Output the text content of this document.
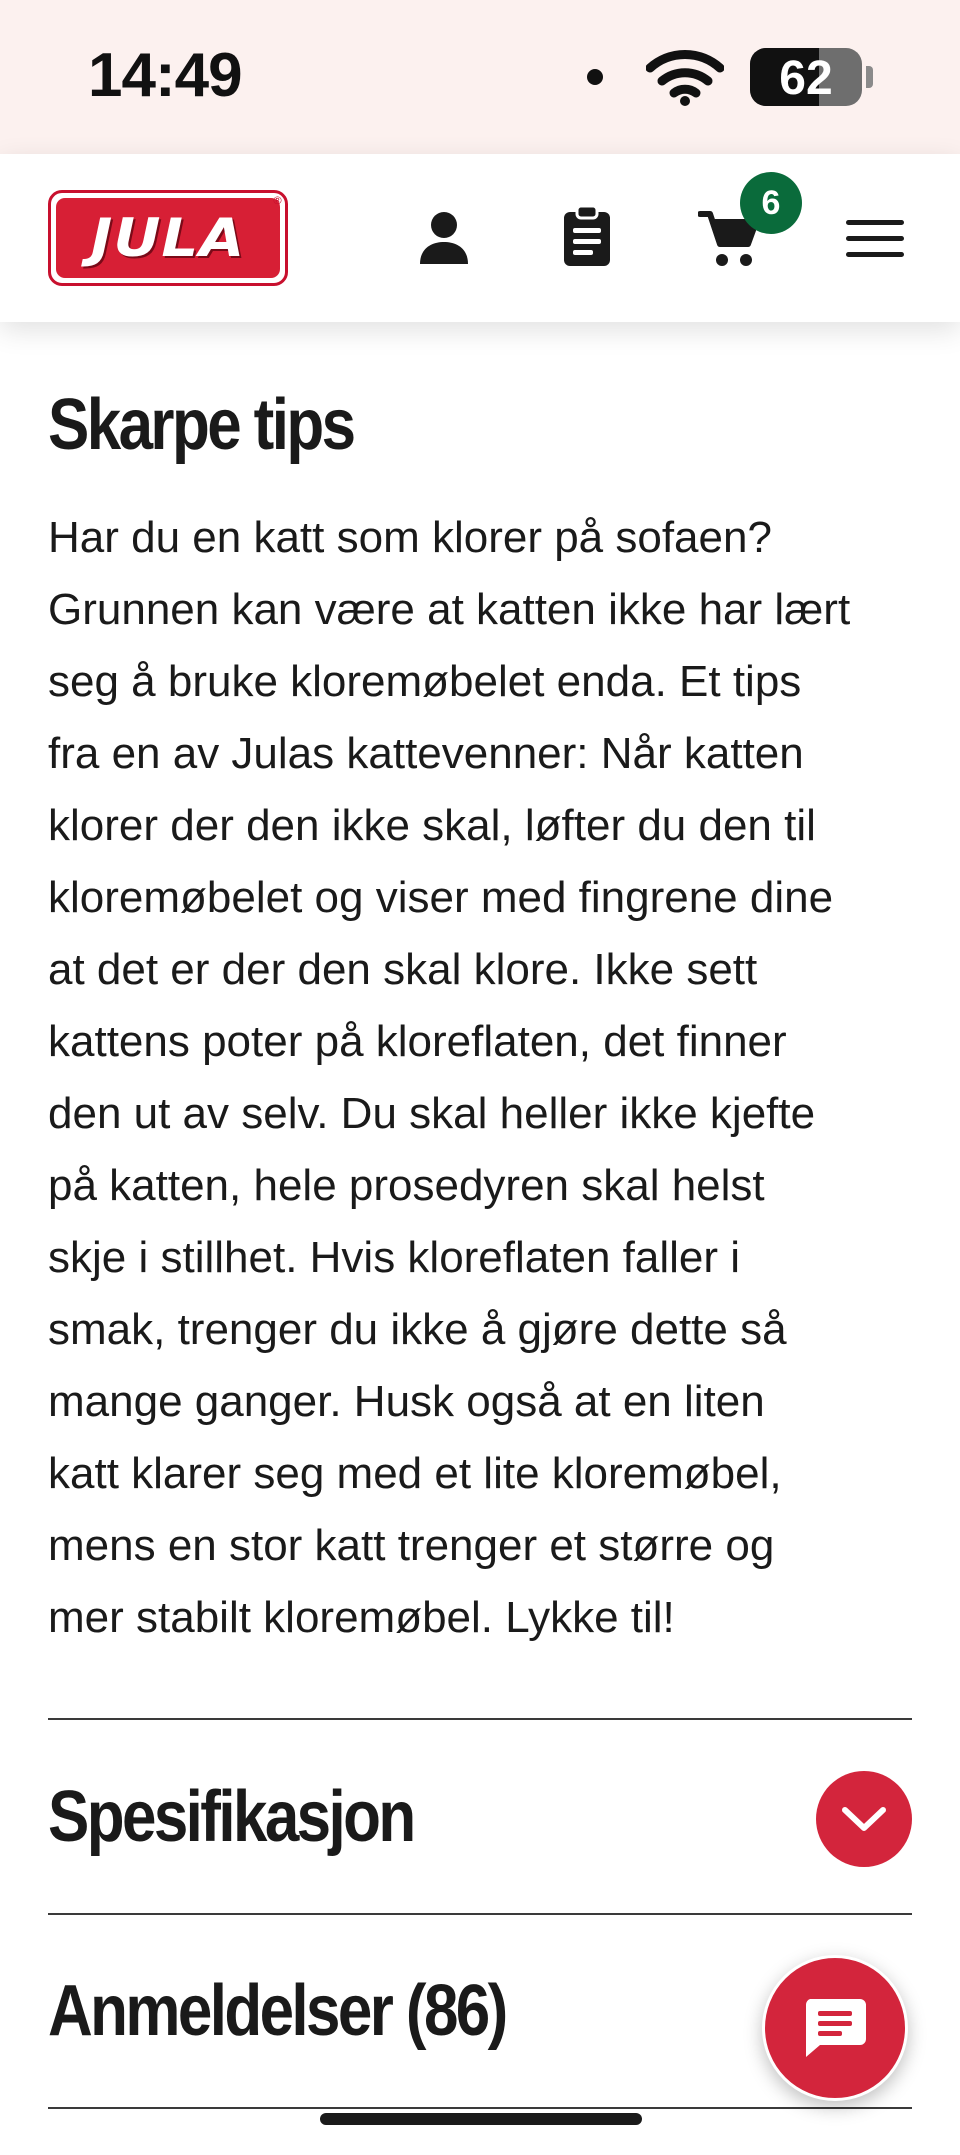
14:49	62
JULA
®	6
Skarpe tips

Har du en katt som klorer på sofaen?
Grunnen kan være at katten ikke har lært
seg å bruke kloremøbelet enda. Et tips
fra en av Julas kattevenner: Når katten
klorer der den ikke skal, løfter du den til
kloremøbelet og viser med fingrene dine
at det er der den skal klore. Ikke sett
kattens poter på kloreflaten, det finner
den ut av selv. Du skal heller ikke kjefte
på katten, hele prosedyren skal helst
skje i stillhet. Hvis kloreflaten faller i
smak, trenger du ikke å gjøre dette så
mange ganger. Husk også at en liten
katt klarer seg med et lite kloremøbel,
mens en stor katt trenger et større og
mer stabilt kloremøbel. Lykke til!

Spesifikasjon
Anmeldelser (86)
